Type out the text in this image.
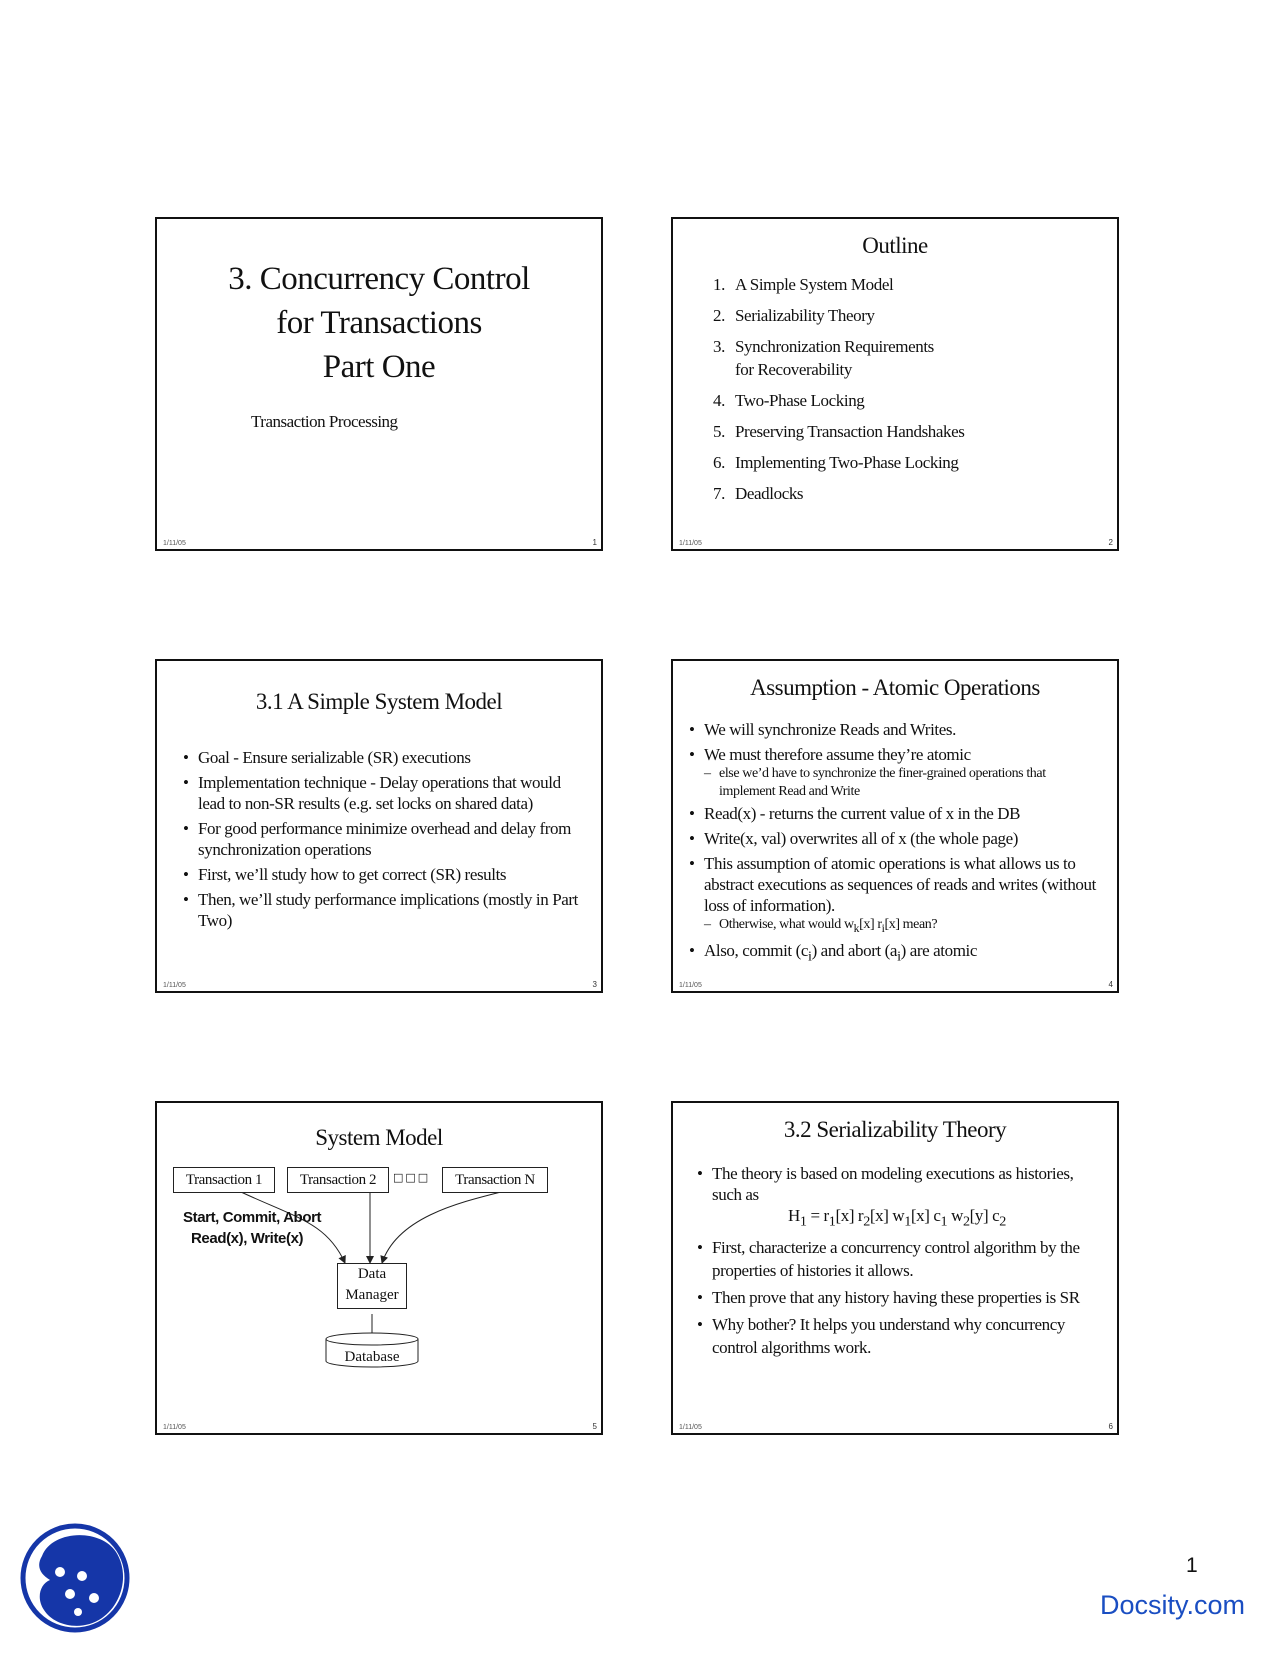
3. Concurrency Control
for Transactions
Part One
Transaction Processing
1/11/05	1
Outline
1. A Simple System Model
2. Serializability Theory
3. Synchronization Requirements
for Recoverability
4. Two-Phase Locking
5. Preserving Transaction Handshakes
6. Implementing Two-Phase Locking
7. Deadlocks
1/11/05	2
3.1 A Simple System Model
• Goal - Ensure serializable (SR) executions
• Implementation technique - Delay operations that would lead to non-SR results (e.g. set locks on shared data)
• For good performance minimize overhead and delay from synchronization operations
• First, we’ll study how to get correct (SR) results
• Then, we’ll study performance implications (mostly in Part Two)
1/11/05	3
Assumption - Atomic Operations
• We will synchronize Reads and Writes.
• We must therefore assume they’re atomic
– else we’d have to synchronize the finer-grained operations that implement Read and Write
• Read(x) - returns the current value of x in the DB
• Write(x, val) overwrites all of x (the whole page)
• This assumption of atomic operations is what allows us to abstract executions as sequences of reads and writes (without loss of information).
– Otherwise, what would $w_k[x]$ $r_i[x]$ mean?
• Also, commit $(c_i)$ and abort $(a_i)$ are atomic
1/11/05	4
System Model
Transaction 1	Transaction 2	□□□	Transaction N
Start, Commit, Abort
Read(x), Write(x)
Data
Manager
Database
1/11/05	5
3.2 Serializability Theory
• The theory is based on modeling executions as histories, such as
$H_1 = r_1[x]$ $r_2[x]$ $w_1[x]$ $c_1$ $w_2[y]$ $c_2$
• First, characterize a concurrency control algorithm by the properties of histories it allows.
• Then prove that any history having these properties is SR
• Why bother? It helps you understand why concurrency control algorithms work.
1/11/05	6
1
Docsity.com
